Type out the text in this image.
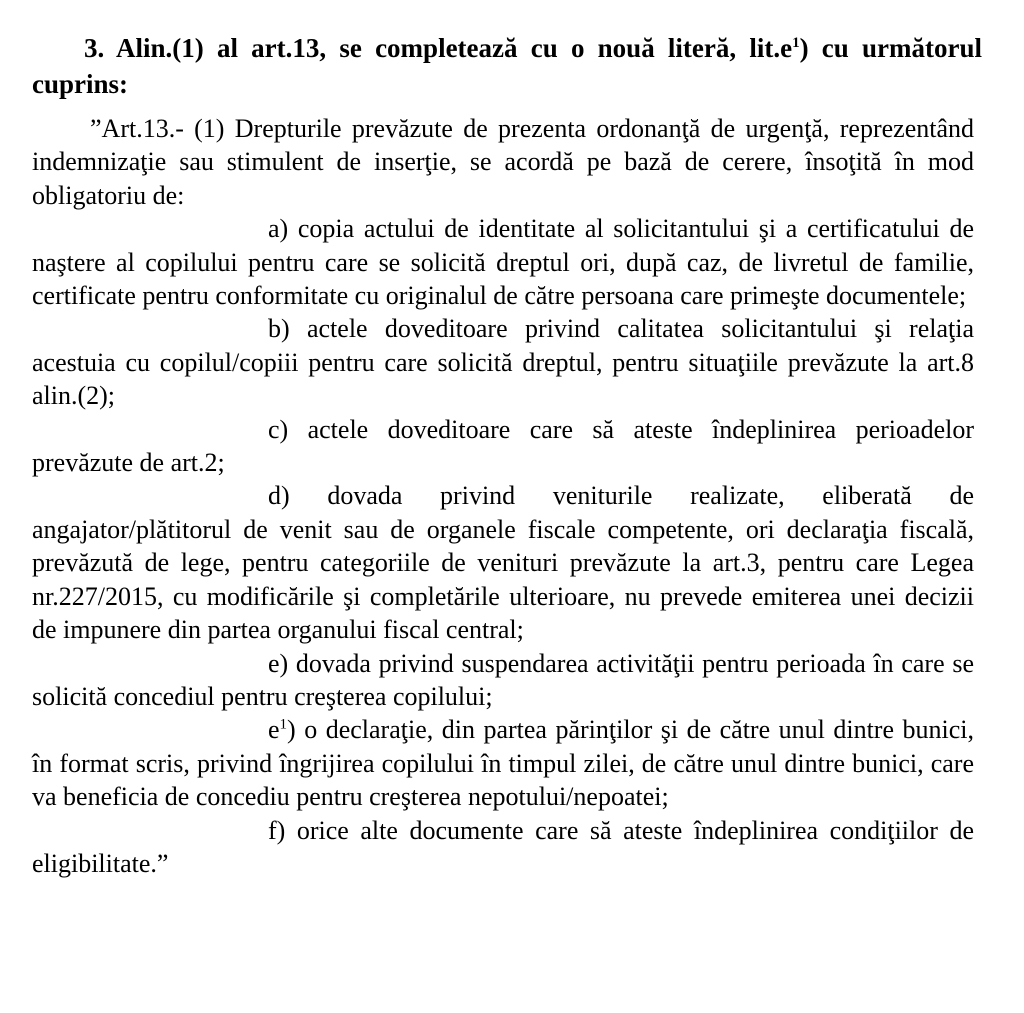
3. Alin.(1) al art.13, se completează cu o nouă literă, $lit.e^1$) cu următorul
cuprins:

”Art.13.- (1) Drepturile prevăzute de prezenta ordonanţă de urgenţă, reprezentând indemnizaţie sau stimulent de inserţie, se acordă pe bază de cerere, însoţită în mod obligatoriu de:

a) copia actului de identitate al solicitantului şi a certificatului de naştere al copilului pentru care se solicită dreptul ori, după caz, de livretul de familie, certificate pentru conformitate cu originalul de către persoana care primeşte documentele;

b) actele doveditoare privind calitatea solicitantului şi relaţia acestuia cu copilul/copiii pentru care solicită dreptul, pentru situaţiile prevăzute la art.8 alin.(2);

c) actele doveditoare care să ateste îndeplinirea perioadelor prevăzute de art.2;

d) dovada privind veniturile realizate, eliberată de angajator/plătitorul de venit sau de organele fiscale competente, ori declaraţia fiscală, prevăzută de lege, pentru categoriile de venituri prevăzute la art.3, pentru care Legea nr.227/2015, cu modificările şi completările ulterioare, nu prevede emiterea unei decizii de impunere din partea organului fiscal central;

e) dovada privind suspendarea activităţii pentru perioada în care se solicită concediul pentru creşterea copilului;

$e^1$) o declaraţie, din partea părinţilor şi de către unul dintre bunici, în format scris, privind îngrijirea copilului în timpul zilei, de către unul dintre bunici, care va beneficia de concediu pentru creşterea nepotului/nepoatei;

f) orice alte documente care să ateste îndeplinirea condiţiilor de eligibilitate.”
